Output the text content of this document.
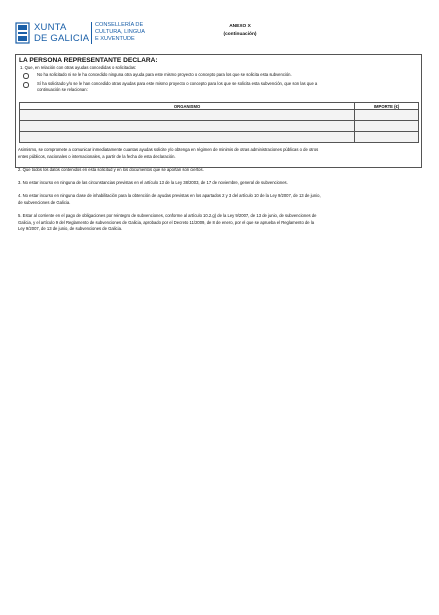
XUNTA
DE GALICIA
CONSELLERÍA DE
CULTURA, LINGUA
E XUVENTUDE
ANEXO X
(continuación)
LA PERSONA REPRESENTANTE DECLARA:
1. Que, en relación con otras ayudas concedidas o solicitadas:
No ha solicitado ni se le ha concedido ninguna otra ayuda para este mismo proyecto o concepto para los que se solicita esta subvención.
Sí ha solicitado y/o se le han concedido otras ayudas para este mismo proyecto o concepto para los que se solicita esta subvención, que son las que a
continuación se relacionan:
ORGANISMO	IMPORTE (€)

Asimismo, se compromete a comunicar inmediatamente cuantas ayudas solicite y/o obtenga en régimen de minimis de otras administraciones públicas o de otros
entes públicos, nacionales o internacionales, a partir de la fecha de esta declaración.
2. Que todos los datos contenidos en esta solicitud y en los documentos que se aportan son ciertos.
3. No estar incurso en ninguna de las circunstancias previstas en el artículo 13 de la Ley 38/2003, de 17 de noviembre, general de subvenciones.
4. No estar incurso en ninguna clase de inhabilitación para la obtención de ayudas previstas en los apartados 2 y 3 del artículo 10 de la Ley 9/2007, de 13 de junio,
de subvenciones de Galicia.
5. Estar al corriente en el pago de obligaciones por reintegro de subvenciones, conforme al artículo 10.2.g) de la Ley 9/2007, de 13 de junio, de subvenciones de
Galicia, y el artículo 9 del Reglamento de subvenciones de Galicia, aprobado por el Decreto 11/2009, de 8 de enero, por el que se aprueba el Reglamento de la
Ley 9/2007, de 13 de junio, de subvenciones de Galicia.
